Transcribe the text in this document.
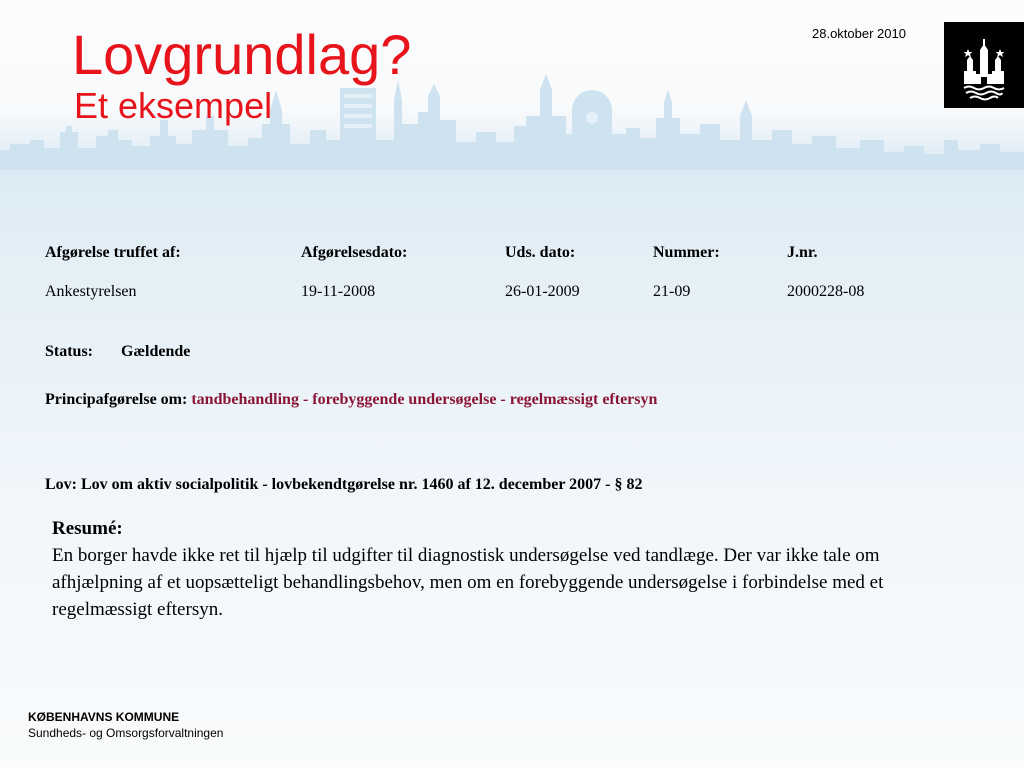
Lovgrundlag?
Et eksempel
28.oktober 2010
Afgørelse truffet af:	Afgørelsesdato:	Uds. dato:	Nummer:	J.nr.
Ankestyrelsen	19-11-2008	26-01-2009	21-09	2000228-08
Status: Gældende
Principafgørelse om: tandbehandling - forebyggende undersøgelse - regelmæssigt eftersyn
Lov: Lov om aktiv socialpolitik - lovbekendtgørelse nr. 1460 af 12. december 2007 - § 82
Resumé:
En borger havde ikke ret til hjælp til udgifter til diagnostisk undersøgelse ved tandlæge. Der var ikke tale om afhjælpning af et uopsætteligt behandlingsbehov, men om en forebyggende undersøgelse i forbindelse med et regelmæssigt eftersyn.
KØBENHAVNS KOMMUNE
Sundheds- og Omsorgsforvaltningen
